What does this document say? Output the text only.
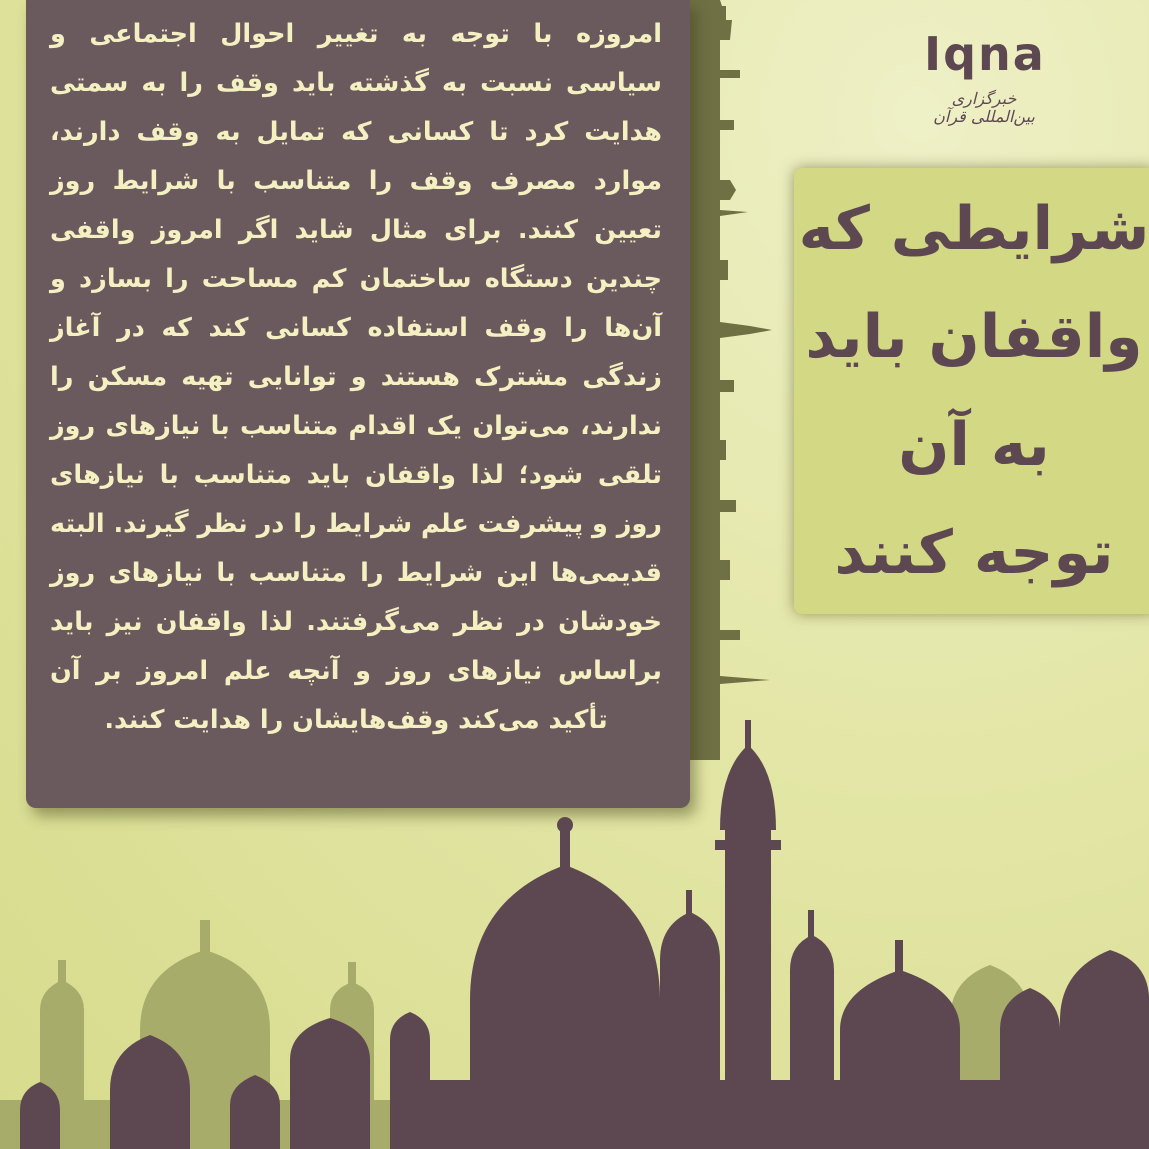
امروزه با توجه به تغییر احوال اجتماعی و سیاسی نسبت به گذشته باید وقف را به سمتی هدایت کرد تا کسانی که تمایل به وقف دارند، موارد مصرف وقف را متناسب با شرایط روز تعیین کنند. برای مثال شاید اگر امروز واقفی چندین دستگاه ساختمان کم مساحت را بسازد و آن‌ها را وقف استفاده کسانی کند که در آغاز زندگی مشترک هستند و توانایی تهیه مسکن را ندارند، می‌توان یک اقدام متناسب با نیازهای روز تلقی شود؛ لذا واقفان باید متناسب با نیازهای روز و پیشرفت علم شرایط را در نظر گیرند. البته قدیمی‌ها این شرایط را متناسب با نیازهای روز خودشان در نظر می‌گرفتند. لذا واقفان نیز باید براساس نیازهای روز و آنچه علم امروز بر آن تأکید می‌کند وقف‌هایشان را هدایت کنند.

Iqna
خبرگزاری بین‌المللی قرآن
شرایطی که
واقفان باید
به آن
توجه کنند
